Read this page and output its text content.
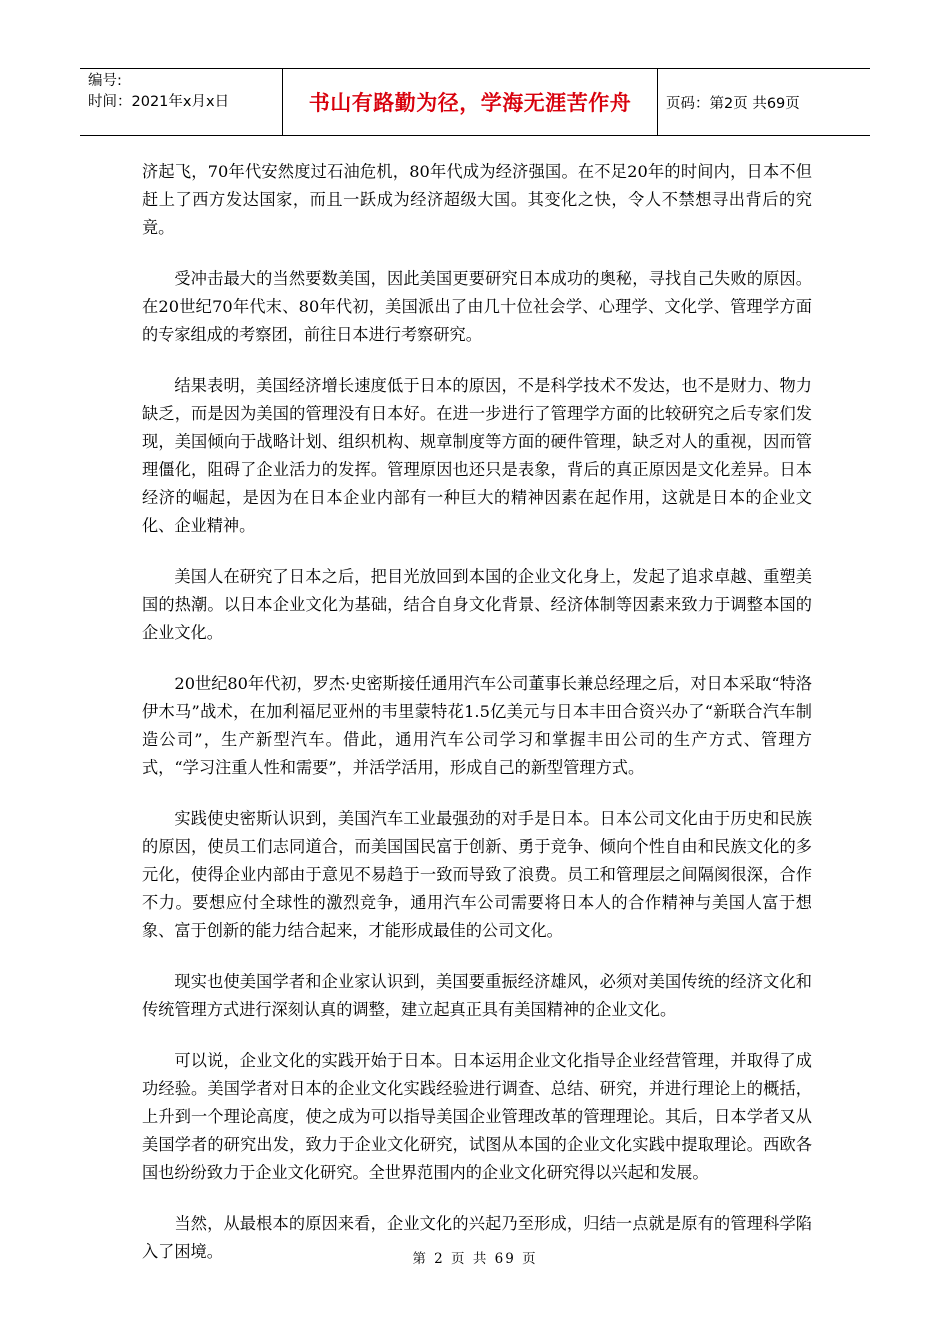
编号:
时间：2021年x月x日	书山有路勤为径，学海无涯苦作舟	页码：第2页 共69页

济起飞，70年代安然度过石油危机，80年代成为经济强国。在不足20年的时间内，日本不但赶上了西方发达国家，而且一跃成为经济超级大国。其变化之快，令人不禁想寻出背后的究竟。

受冲击最大的当然要数美国，因此美国更要研究日本成功的奥秘，寻找自己失败的原因。在20世纪70年代末、80年代初，美国派出了由几十位社会学、心理学、文化学、管理学方面的专家组成的考察团，前往日本进行考察研究。

结果表明，美国经济增长速度低于日本的原因，不是科学技术不发达，也不是财力、物力缺乏，而是因为美国的管理没有日本好。在进一步进行了管理学方面的比较研究之后专家们发现，美国倾向于战略计划、组织机构、规章制度等方面的硬件管理，缺乏对人的重视，因而管理僵化，阻碍了企业活力的发挥。管理原因也还只是表象，背后的真正原因是文化差异。日本经济的崛起，是因为在日本企业内部有一种巨大的精神因素在起作用，这就是日本的企业文化、企业精神。

美国人在研究了日本之后，把目光放回到本国的企业文化身上，发起了追求卓越、重塑美国的热潮。以日本企业文化为基础，结合自身文化背景、经济体制等因素来致力于调整本国的企业文化。

20世纪80年代初，罗杰·史密斯接任通用汽车公司董事长兼总经理之后，对日本采取“特洛伊木马”战术，在加利福尼亚州的韦里蒙特花1.5亿美元与日本丰田合资兴办了“新联合汽车制造公司”，生产新型汽车。借此，通用汽车公司学习和掌握丰田公司的生产方式、管理方式，“学习注重人性和需要”，并活学活用，形成自己的新型管理方式。

实践使史密斯认识到，美国汽车工业最强劲的对手是日本。日本公司文化由于历史和民族的原因，使员工们志同道合，而美国国民富于创新、勇于竞争、倾向个性自由和民族文化的多元化，使得企业内部由于意见不易趋于一致而导致了浪费。员工和管理层之间隔阂很深，合作不力。要想应付全球性的激烈竞争，通用汽车公司需要将日本人的合作精神与美国人富于想象、富于创新的能力结合起来，才能形成最佳的公司文化。

现实也使美国学者和企业家认识到，美国要重振经济雄风，必须对美国传统的经济文化和传统管理方式进行深刻认真的调整，建立起真正具有美国精神的企业文化。

可以说，企业文化的实践开始于日本。日本运用企业文化指导企业经营管理，并取得了成功经验。美国学者对日本的企业文化实践经验进行调查、总结、研究，并进行理论上的概括，上升到一个理论高度，使之成为可以指导美国企业管理改革的管理理论。其后，日本学者又从美国学者的研究出发，致力于企业文化研究，试图从本国的企业文化实践中提取理论。西欧各国也纷纷致力于企业文化研究。全世界范围内的企业文化研究得以兴起和发展。

当然，从最根本的原因来看，企业文化的兴起乃至形成，归结一点就是原有的管理科学陷入了困境。	第 2 页 共 69 页
